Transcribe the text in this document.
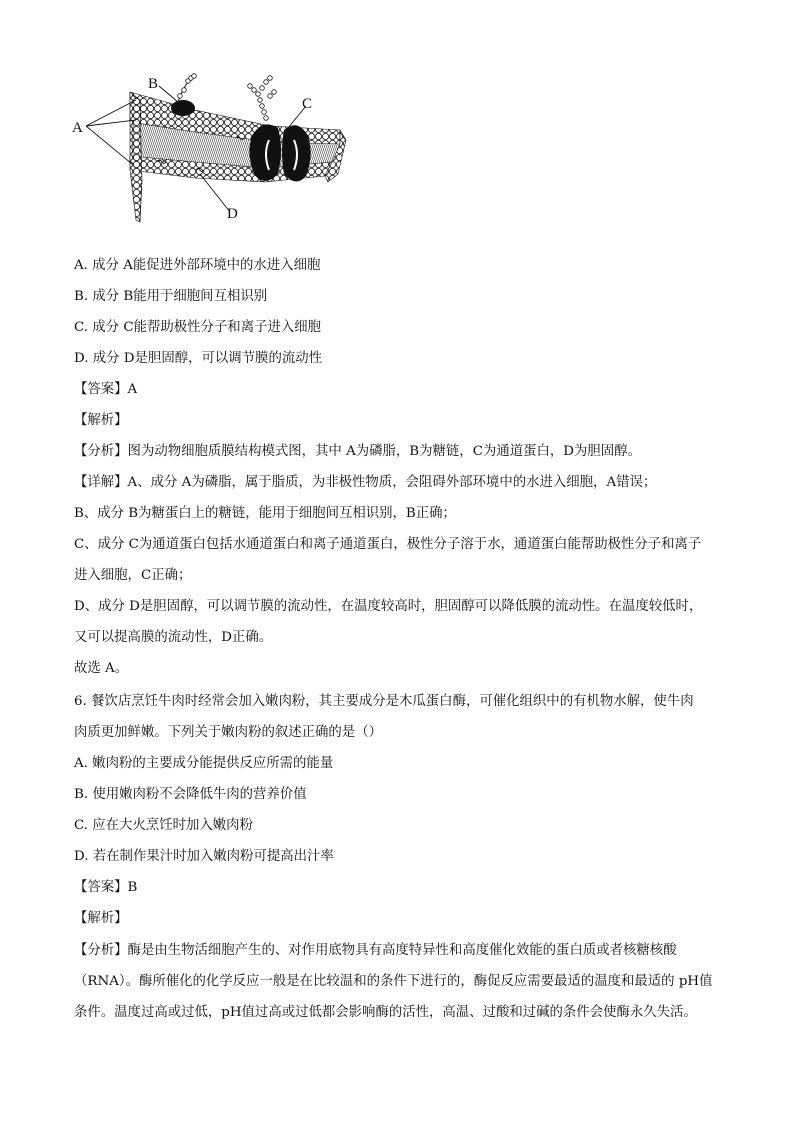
A
B
C
D
A. 成分 A能促进外部环境中的水进入细胞
B. 成分 B能用于细胞间互相识别
C. 成分 C能帮助极性分子和离子进入细胞
D. 成分 D是胆固醇，可以调节膜的流动性
【答案】A
【解析】
【分析】图为动物细胞质膜结构模式图，其中 A为磷脂，B为糖链，C为通道蛋白，D为胆固醇。
【详解】A、成分 A为磷脂，属于脂质，为非极性物质，会阻碍外部环境中的水进入细胞，A错误；
B、成分 B为糖蛋白上的糖链，能用于细胞间互相识别，B正确；
C、成分 C为通道蛋白包括水通道蛋白和离子通道蛋白，极性分子溶于水，通道蛋白能帮助极性分子和离子
进入细胞，C正确；
D、成分 D是胆固醇，可以调节膜的流动性，在温度较高时，胆固醇可以降低膜的流动性。在温度较低时，
又可以提高膜的流动性，D正确。
故选 A。
6. 餐饮店烹饪牛肉时经常会加入嫩肉粉，其主要成分是木瓜蛋白酶，可催化组织中的有机物水解，使牛肉
肉质更加鲜嫩。下列关于嫩肉粉的叙述正确的是（）
A. 嫩肉粉的主要成分能提供反应所需的能量
B. 使用嫩肉粉不会降低牛肉的营养价值
C. 应在大火烹饪时加入嫩肉粉
D. 若在制作果汁时加入嫩肉粉可提高出汁率
【答案】B
【解析】
【分析】酶是由生物活细胞产生的、对作用底物具有高度特异性和高度催化效能的蛋白质或者核糖核酸
（RNA）。酶所催化的化学反应一般是在比较温和的条件下进行的，酶促反应需要最适的温度和最适的 pH值
条件。温度过高或过低，pH值过高或过低都会影响酶的活性，高温、过酸和过碱的条件会使酶永久失活。
